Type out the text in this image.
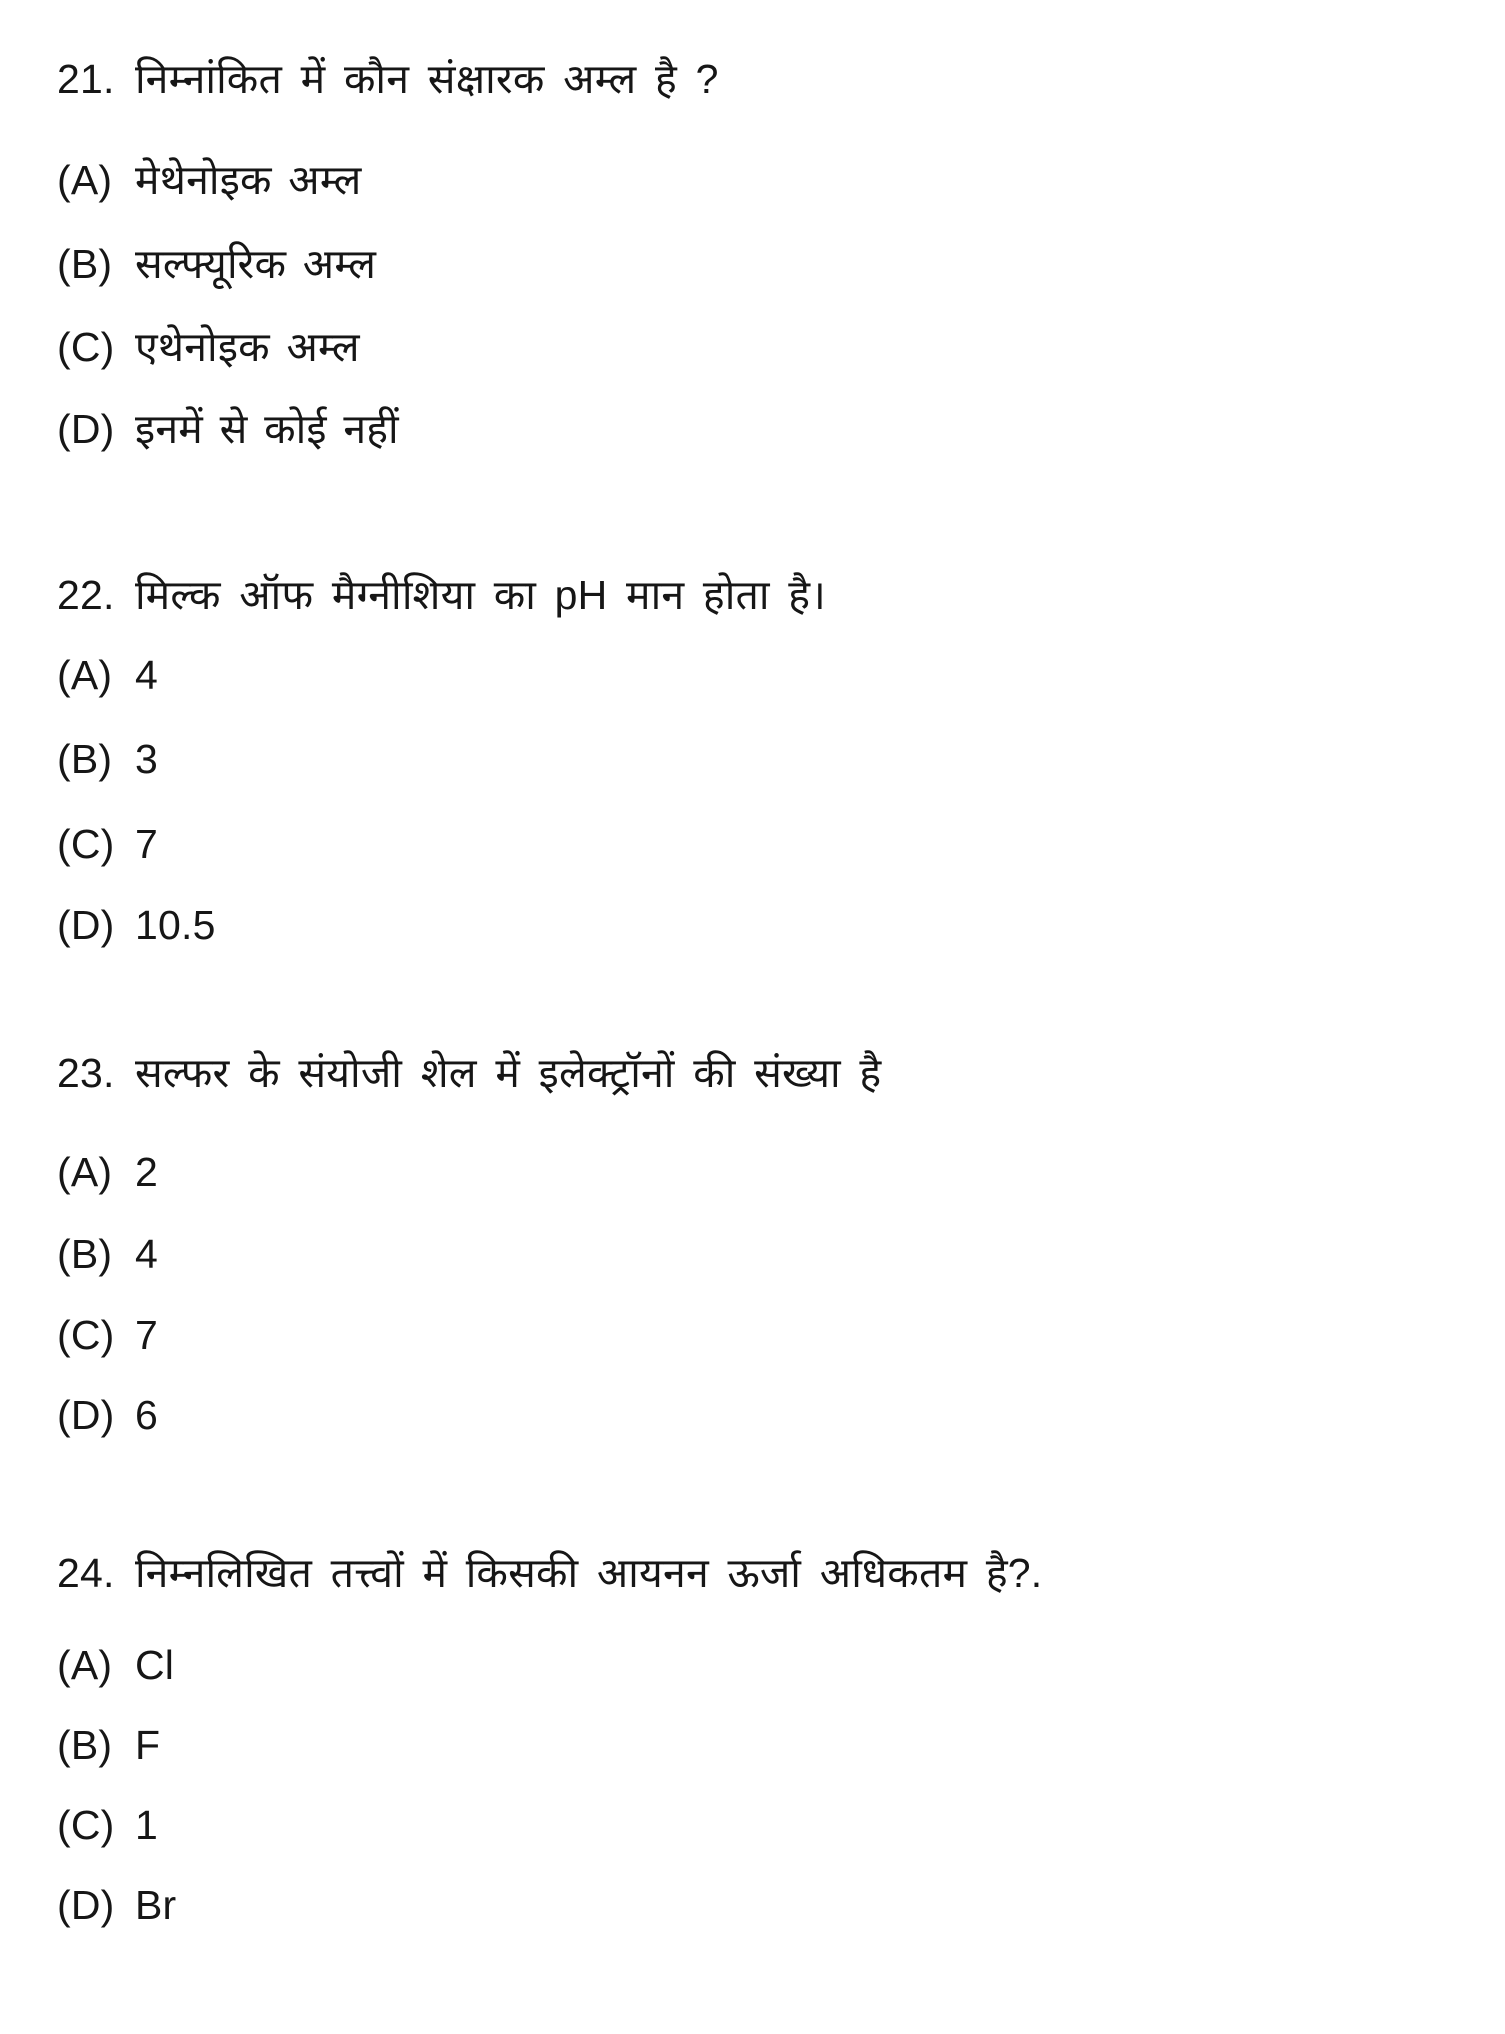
21. निम्नांकित में कौन संक्षारक अम्ल है ?
(A) मेथेनोइक अम्ल
(B) सल्फ्यूरिक अम्ल
(C) एथेनोइक अम्ल
(D) इनमें से कोई नहीं
22. मिल्क ऑफ मैग्नीशिया का pH मान होता है।
(A) 4
(B) 3
(C) 7
(D) 10.5
23. सल्फर के संयोजी शेल में इलेक्ट्रॉनों की संख्या है
(A) 2
(B) 4
(C) 7
(D) 6
24. निम्नलिखित तत्त्वों में किसकी आयनन ऊर्जा अधिकतम है?.
(A) Cl
(B) F
(C) 1
(D) Br
